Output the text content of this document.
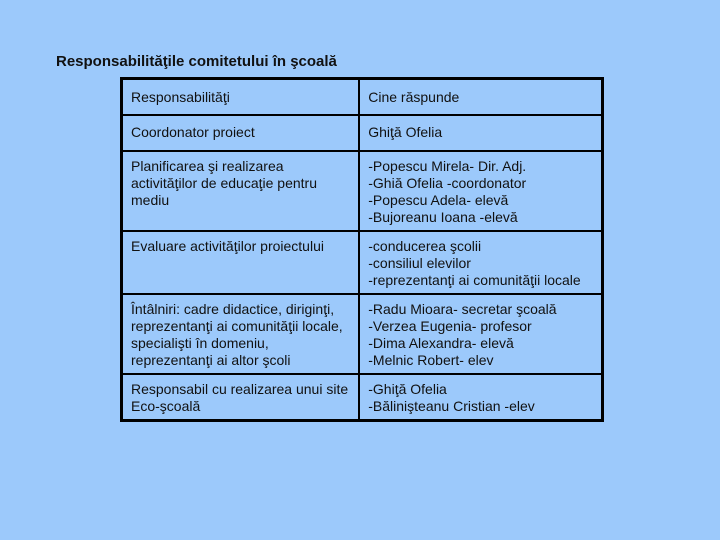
Responsabilităţile comitetului în şcoală
Responsabilităţi	Cine răspunde
Coordonator proiect	Ghiţă Ofelia

Planificarea şi realizarea activităţilor de educaţie pentru mediu	-Popescu Mirela- Dir. Adj.
-Ghiă Ofelia -coordonator
-Popescu Adela- elevă
-Bujoreanu Ioana -elevă

Evaluare activităţilor proiectului	-conducerea şcolii
-consiliul elevilor
-reprezentanţi ai comunităţii locale

Întâlniri: cadre didactice, diriginţi, reprezentanţi ai comunităţii locale, specialişti în domeniu, reprezentanţi ai altor şcoli	-Radu Mioara- secretar şcoală
-Verzea Eugenia- profesor
-Dima Alexandra- elevă
-Melnic Robert- elev

Responsabil cu realizarea unui site Eco-şcoală	-Ghiţă Ofelia
-Bălinişteanu Cristian -elev
